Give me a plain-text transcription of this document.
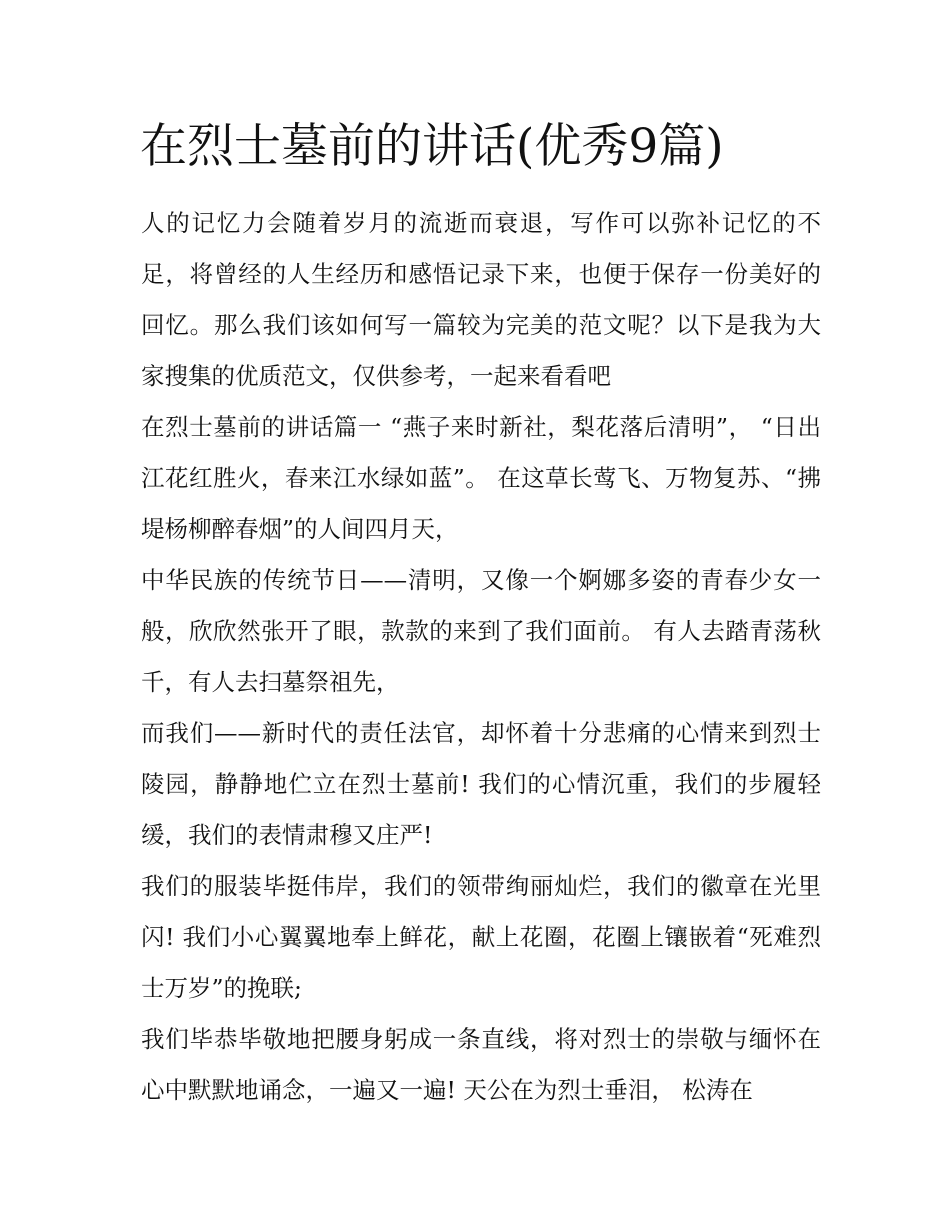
在烈士墓前的讲话(优秀9篇)

人的记忆力会随着岁月的流逝而衰退，写作可以弥补记忆的不足，将曾经的人生经历和感悟记录下来，也便于保存一份美好的回忆。那么我们该如何写一篇较为完美的范文呢？以下是我为大家搜集的优质范文，仅供参考，一起来看看吧

在烈士墓前的讲话篇一 “燕子来时新社，梨花落后清明”， “日出江花红胜火，春来江水绿如蓝”。 在这草长莺飞、万物复苏、“拂堤杨柳醉春烟”的人间四月天，

中华民族的传统节日——清明，又像一个婀娜多姿的青春少女一般，欣欣然张开了眼，款款的来到了我们面前。 有人去踏青荡秋千，有人去扫墓祭祖先，

而我们——新时代的责任法官，却怀着十分悲痛的心情来到烈士陵园，静静地伫立在烈士墓前! 我们的心情沉重，我们的步履轻缓，我们的表情肃穆又庄严!

我们的服装毕挺伟岸，我们的领带绚丽灿烂，我们的徽章在光里闪! 我们小心翼翼地奉上鲜花，献上花圈，花圈上镶嵌着“死难烈士万岁”的挽联;

我们毕恭毕敬地把腰身躬成一条直线，将对烈士的崇敬与缅怀在心中默默地诵念，一遍又一遍! 天公在为烈士垂泪， 松涛在
